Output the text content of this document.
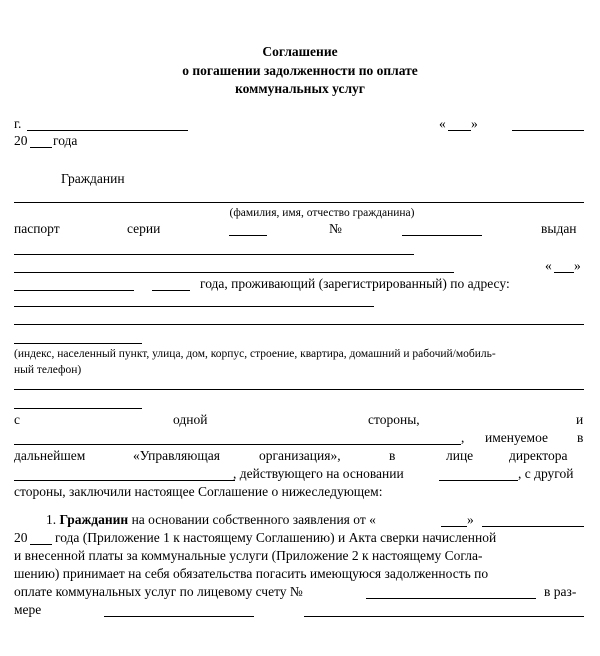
Соглашение
о погашении задолженности по оплате
коммунальных услуг
г.	« »
20 года
Гражданин
(фамилия, имя, отчество гражданина)
паспорт	серии	№	выдан
« »
года, проживающий (зарегистрированный) по адресу:
(индекс, населенный пункт, улица, дом, корпус, строение, квартира, домашний и рабочий/мобиль-
ный телефон)
с	одной	стороны,	и
, именуемое в
дальнейшем	«Управляющая	организация»,	в	лице	директора
, действующего на основании	, с другой
стороны, заключили настоящее Соглашение о нижеследующем:
1. Гражданин на основании собственного заявления от «	»
20 года (Приложение 1 к настоящему Соглашению) и Акта сверки начисленной
и внесенной платы за коммунальные услуги (Приложение 2 к настоящему Согла-
шению) принимает на себя обязательства погасить имеющуюся задолженность по
оплате коммунальных услуг по лицевому счету №	в раз-
мере
